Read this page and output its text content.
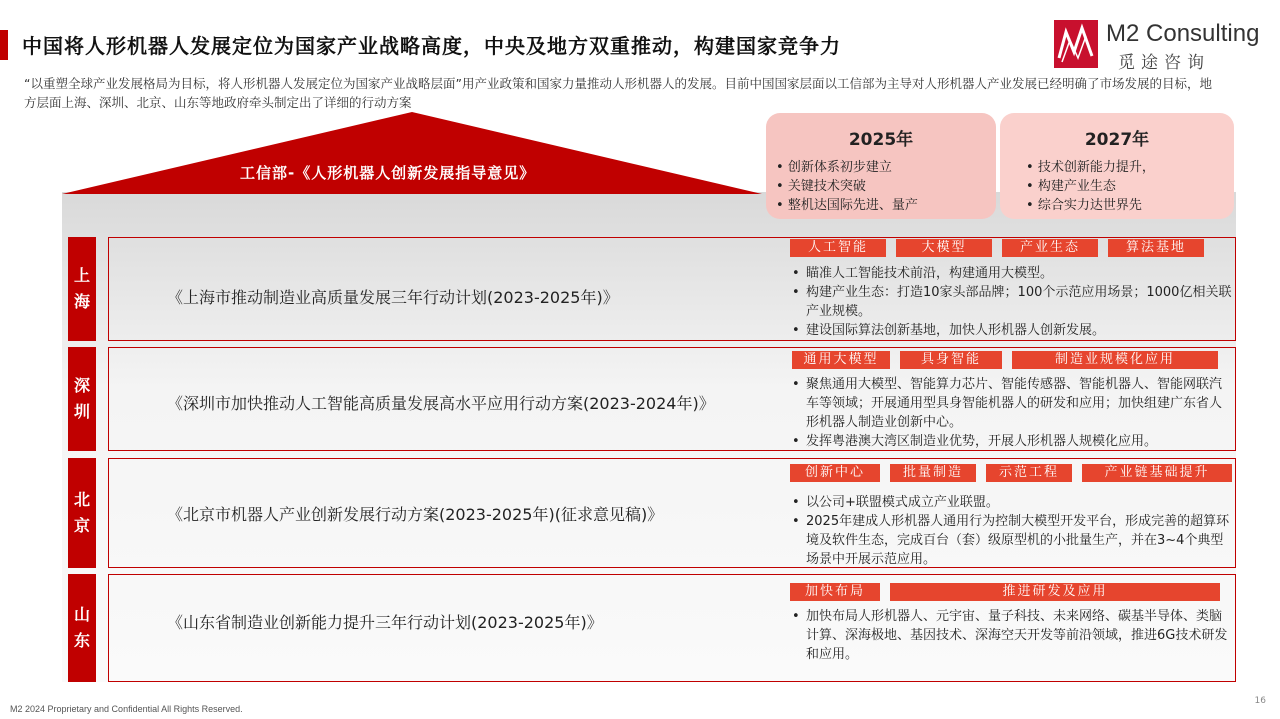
中国将人形机器人发展定位为国家产业战略高度，中央及地方双重推动，构建国家竞争力	M2 Consulting
觅途咨询
“以重塑全球产业发展格局为目标，将人形机器人发展定位为国家产业战略层面”用产业政策和国家力量推动人形机器人的发展。目前中国国家层面以工信部为主导对人形机器人产业发展已经明确了市场发展的目标，地方层面上海、深圳、北京、山东等地政府牵头制定出了详细的行动方案
工信部-《人形机器人创新发展指导意见》
2025年
• 创新体系初步建立
• 关键技术突破
• 整机达国际先进、量产
2027年
• 技术创新能力提升，
• 构建产业生态
• 综合实力达世界先
上
海	《上海市推动制造业高质量发展三年行动计划(2023-2025年)》
人工智能	大模型	产业生态	算法基地
• 瞄准人工智能技术前沿，构建通用大模型。
• 构建产业生态：打造10家头部品牌；100个示范应用场景；1000亿相关联产业规模。
• 建设国际算法创新基地，加快人形机器人创新发展。
深
圳	《深圳市加快推动人工智能高质量发展高水平应用行动方案(2023-2024年)》
通用大模型	具身智能	制造业规模化应用
• 聚焦通用大模型、智能算力芯片、智能传感器、智能机器人、智能网联汽车等领域；开展通用型具身智能机器人的研发和应用；加快组建广东省人形机器人制造业创新中心。
• 发挥粤港澳大湾区制造业优势，开展人形机器人规模化应用。
北
京
《北京市机器人产业创新发展行动方案(2023-2025年)(征求意见稿)》
创新中心	批量制造	示范工程	产业链基础提升
• 以公司+联盟模式成立产业联盟。
• 2025年建成人形机器人通用行为控制大模型开发平台，形成完善的超算环境及软件生态，完成百台（套）级原型机的小批量生产，并在3~4个典型场景中开展示范应用。
山
东
《山东省制造业创新能力提升三年行动计划(2023-2025年)》
加快布局	推进研发及应用
• 加快布局人形机器人、元宇宙、量子科技、未来网络、碳基半导体、类脑计算、深海极地、基因技术、深海空天开发等前沿领域，推进6G技术研发和应用。
M2 2024 Proprietary and Confidential All Rights Reserved.
16
